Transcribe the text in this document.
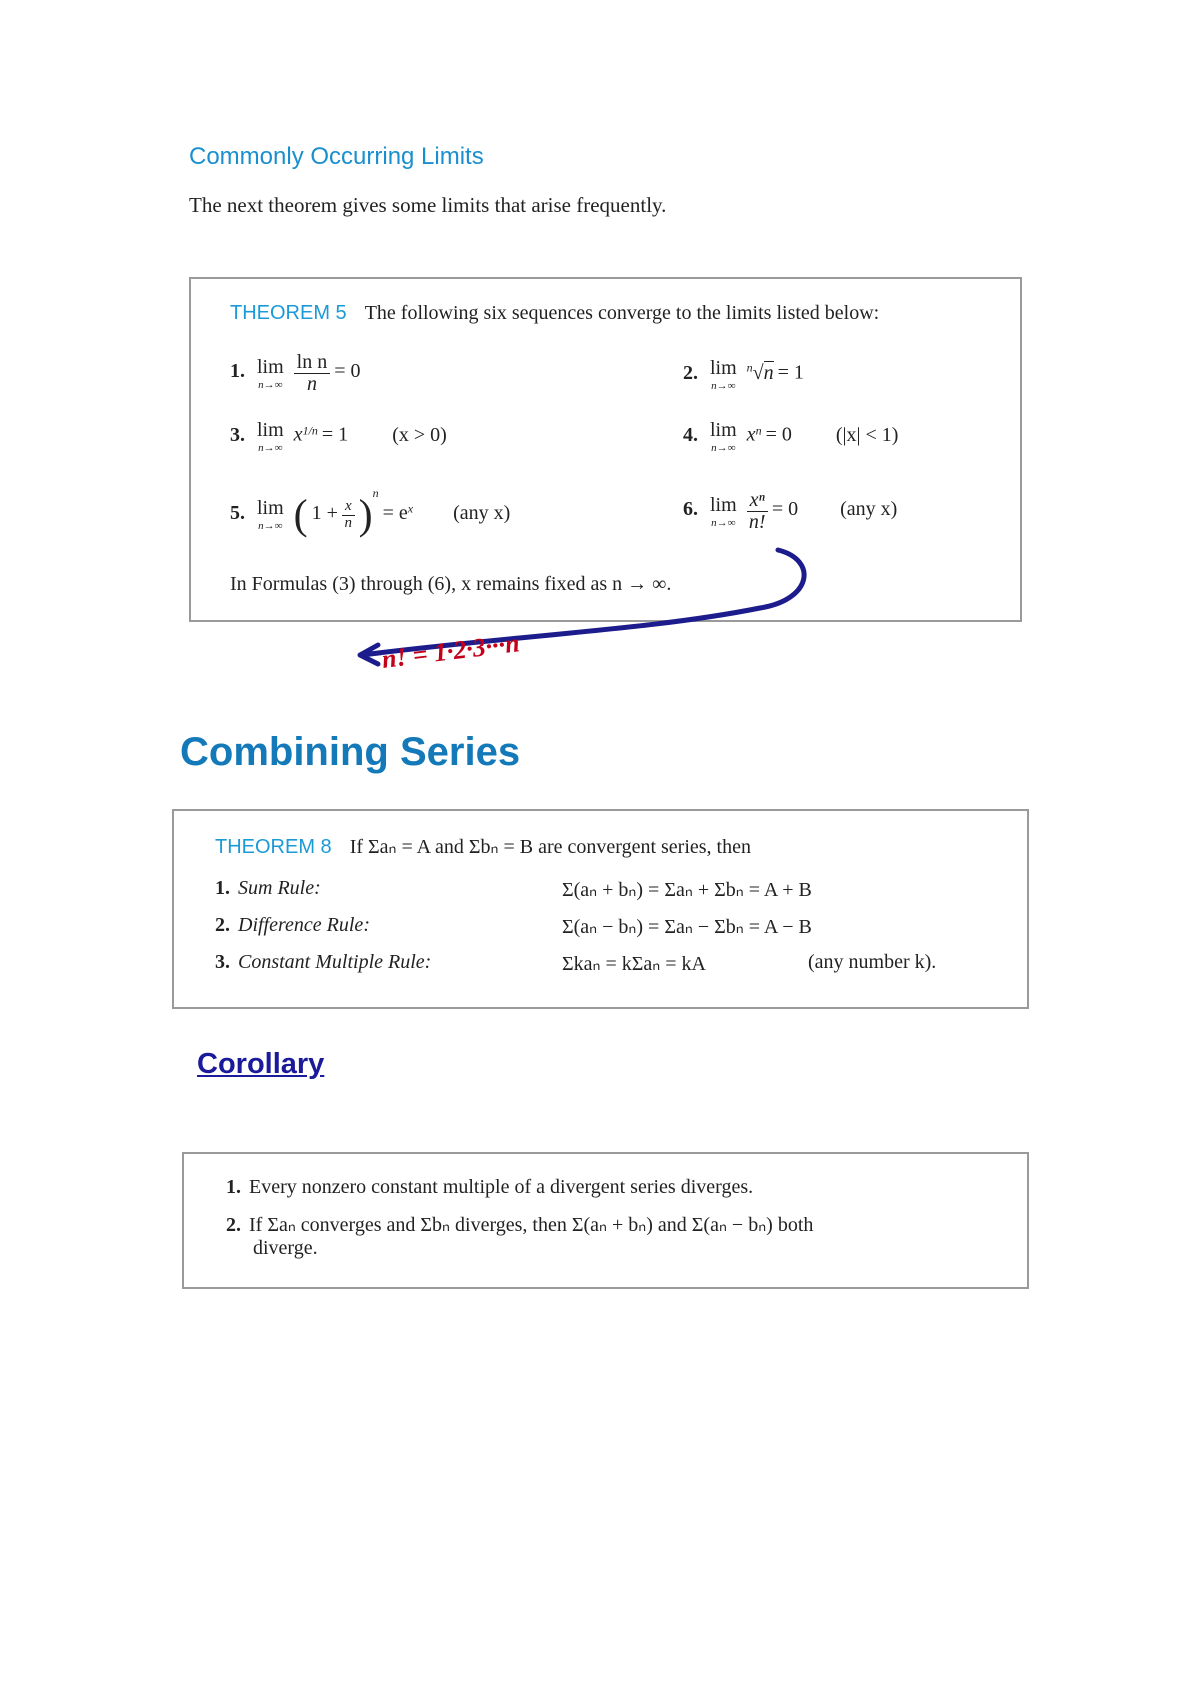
Commonly Occurring Limits
The next theorem gives some limits that arise frequently.
THEOREM 5 The following six sequences converge to the limits listed below:
1. lim
n→∞
$\frac{\text{ln n}}{n} = 0$	2. lim
n→∞
$^n$√n = 1
3. lim
n→∞
$x^{1/n} = 1$ (x > 0)	4. lim
n→∞
$x^n = 0$ (|x| < 1)
5. lim
n→∞ ( $1 + \frac{x}{n} )^n = e^x$ (any x)	6. lim
n→∞
$\frac{\text{xⁿ}}{n!} = 0$ (any x)
In Formulas (3) through (6), x remains fixed as n → ∞.
n! = 1·2·3···n
Combining Series
THEOREM 8 If Σaₙ = A and Σbₙ = B are convergent series, then
1. Sum Rule:	Σ(aₙ + bₙ) = Σaₙ + Σbₙ = A + B
2. Difference Rule:	Σ(aₙ − bₙ) = Σaₙ − Σbₙ = A − B
3. Constant Multiple Rule:	Σkaₙ = kΣaₙ = kA	(any number k).
Corollary
1. Every nonzero constant multiple of a divergent series diverges.
2. If Σaₙ converges and Σbₙ diverges, then Σ(aₙ + bₙ) and Σ(aₙ − bₙ) both
diverge.
